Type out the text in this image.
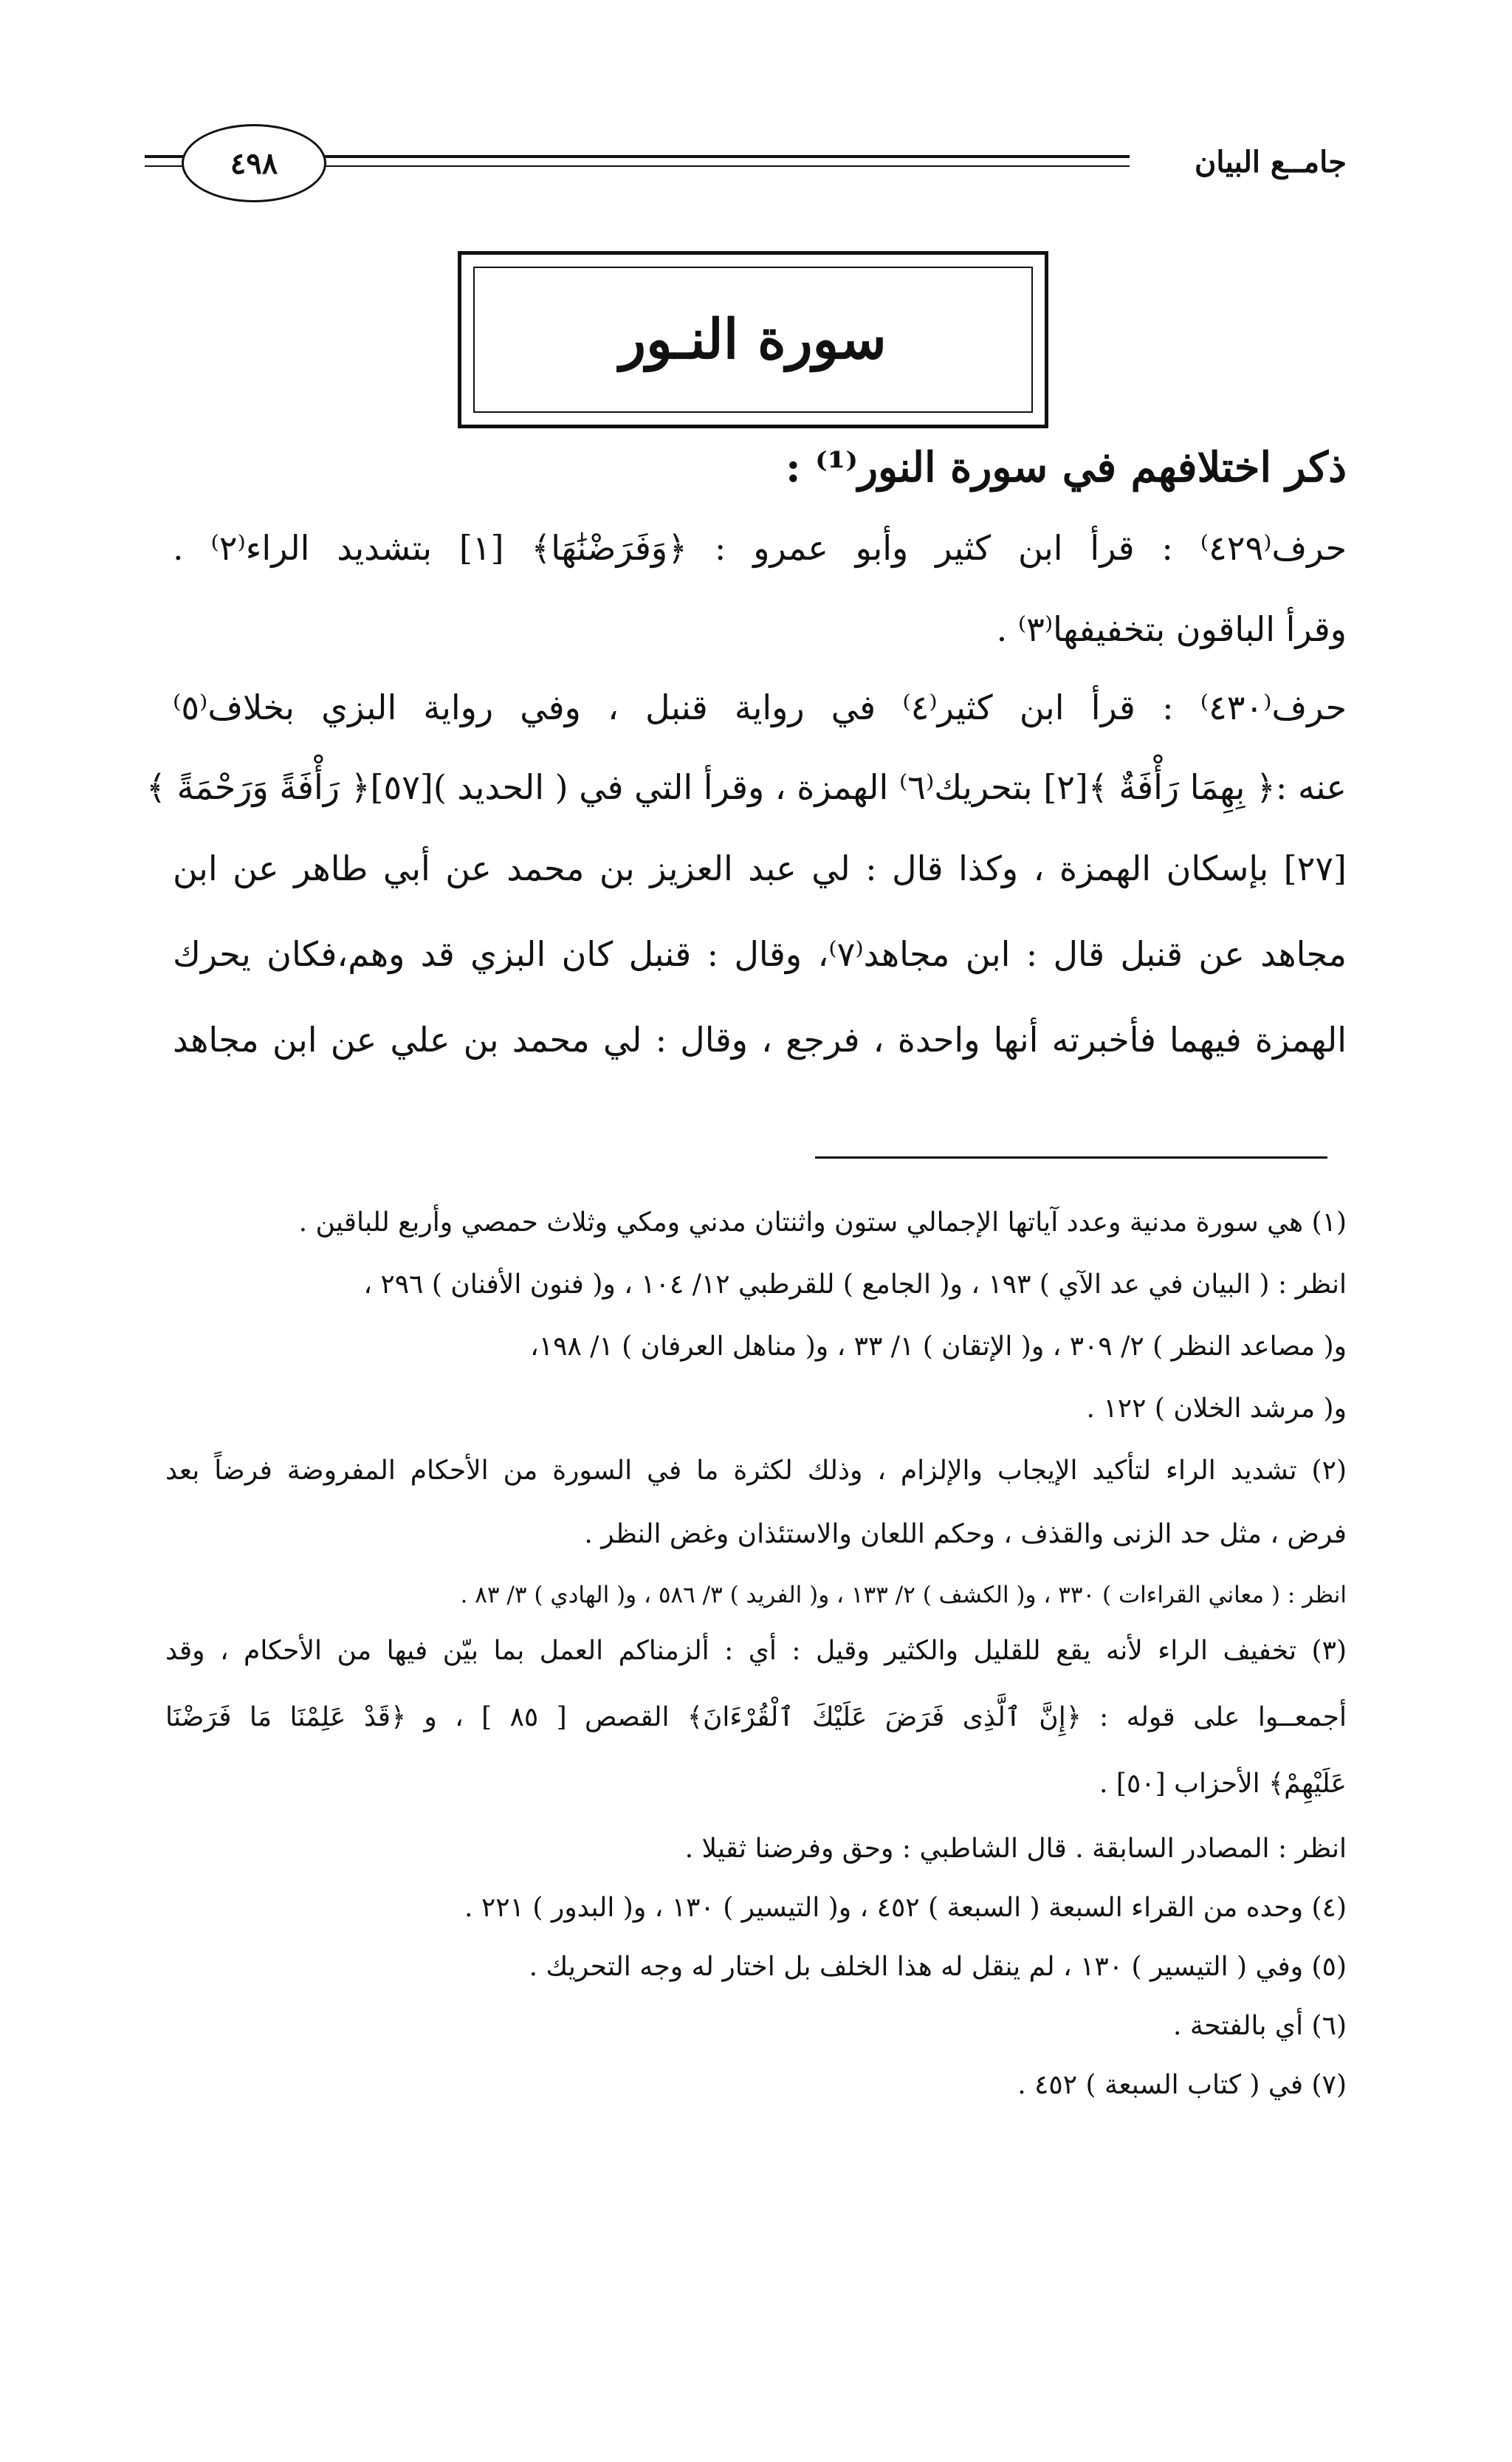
جامــع البيان
٤٩٨
سورة النـور
ذكر اختلافهم في سورة النور⁽¹⁾ :
حرف⁽٤٢٩⁾ : قرأ ابن كثير وأبو عمرو : ﴿وَفَرَضْنَٰهَا﴾ [١] بتشديد الراء⁽٢⁾ .
وقرأ الباقون بتخفيفها⁽٣⁾ .
حرف⁽٤٣٠⁾ : قرأ ابن كثير⁽٤⁾ في رواية قنبل ، وفي رواية البزي بخلاف⁽٥⁾
عنه :﴿ بِهِمَا رَأْفَةٌ ﴾[٢] بتحريك⁽٦⁾ الهمزة ، وقرأ التي في ( الحديد )[٥٧]﴿ رَأْفَةً وَرَحْمَةً ﴾
[٢٧] بإسكان الهمزة ، وكذا قال : لي عبد العزيز بن محمد عن أبي طاهر عن ابن
مجاهد عن قنبل قال : ابن مجاهد⁽٧⁾، وقال : قنبل كان البزي قد وهم،فكان يحرك
الهمزة فيهما فأخبرته أنها واحدة ، فرجع ، وقال : لي محمد بن علي عن ابن مجاهد
(١) هي سورة مدنية وعدد آياتها الإجمالي ستون واثنتان مدني ومكي وثلاث حمصي وأربع للباقين .
انظر : ( البيان في عد الآي ) ١٩٣ ، و( الجامع ) للقرطبي ١٢/ ١٠٤ ، و( فنون الأفنان ) ٢٩٦ ،
و( مصاعد النظر ) ٢/ ٣٠٩ ، و( الإتقان ) ١/ ٣٣ ، و( مناهل العرفان ) ١/ ١٩٨،
و( مرشد الخلان ) ١٢٢ .
(٢) تشديد الراء لتأكيد الإيجاب والإلزام ، وذلك لكثرة ما في السورة من الأحكام المفروضة فرضاً بعد
فرض ، مثل حد الزنى والقذف ، وحكم اللعان والاستئذان وغض النظر .
انظر : ( معاني القراءات ) ٣٣٠ ، و( الكشف ) ٢/ ١٣٣ ، و( الفريد ) ٣/ ٥٨٦ ، و( الهادي ) ٣/ ٨٣ .
(٣) تخفيف الراء لأنه يقع للقليل والكثير وقيل : أي : ألزمناكم العمل بما بيّن فيها من الأحكام ، وقد
أجمعــوا على قوله : ﴿إِنَّ ٱلَّذِى فَرَضَ عَلَيْكَ ٱلْقُرْءَانَ﴾ القصص [ ٨٥ ] ، و ﴿قَدْ عَلِمْنَا مَا فَرَضْنَا
عَلَيْهِمْ﴾ الأحزاب [٥٠] .
انظر : المصادر السابقة . قال الشاطبي : وحق وفرضنا ثقيلا .
(٤) وحده من القراء السبعة ( السبعة ) ٤٥٢ ، و( التيسير ) ١٣٠ ، و( البدور ) ٢٢١ .
(٥) وفي ( التيسير ) ١٣٠ ، لم ينقل له هذا الخلف بل اختار له وجه التحريك .
(٦) أي بالفتحة .
(٧) في ( كتاب السبعة ) ٤٥٢ .
